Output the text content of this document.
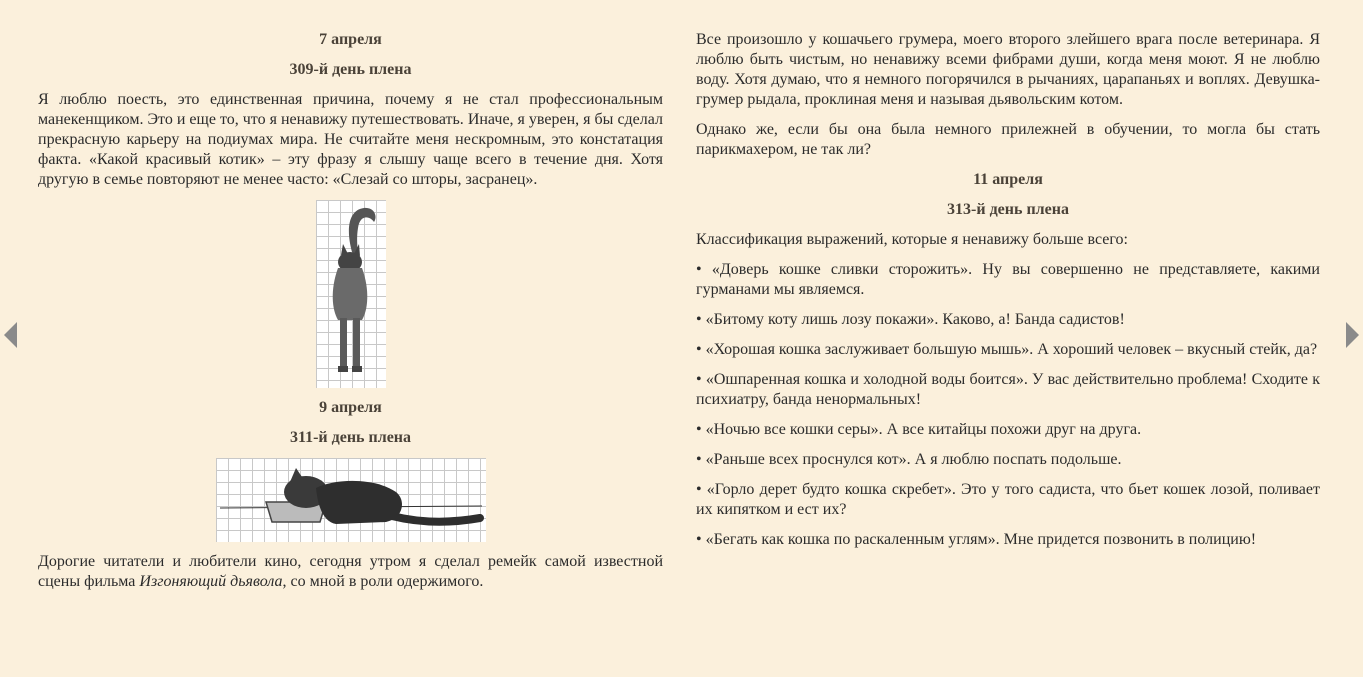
7 апреля
309-й день плена

Я люблю поесть, это единственная причина, почему я не стал профессиональным манекенщиком. Это и еще то, что я ненавижу путешествовать. Иначе, я уверен, я бы сделал прекрасную карьеру на подиумах мира. Не считайте меня нескромным, это констатация факта. «Какой красивый котик» – эту фразу я слышу чаще всего в течение дня. Хотя другую в семье повторяют не менее часто: «Слезай со шторы, засранец».

9 апреля
311-й день плена

Дорогие читатели и любители кино, сегодня утром я сделал ремейк самой известной сцены фильма Изгоняющий дьявола, со мной в роли одержимого.

Все произошло у кошачьего грумера, моего второго злейшего врага после ветеринара. Я люблю быть чистым, но ненавижу всеми фибрами души, когда меня моют. Я не люблю воду. Хотя думаю, что я немного погорячился в рычаниях, царапаньях и воплях. Девушка-грумер рыдала, проклиная меня и называя дьявольским котом.

Однако же, если бы она была немного прилежней в обучении, то могла бы стать парикмахером, не так ли?

11 апреля
313-й день плена

Классификация выражений, которые я ненавижу больше всего:

• «Доверь кошке сливки сторожить». Ну вы совершенно не представляете, какими гурманами мы являемся.

• «Битому коту лишь лозу покажи». Каково, а! Банда садистов!

• «Хорошая кошка заслуживает большую мышь». А хороший человек – вкусный стейк, да?

• «Ошпаренная кошка и холодной воды боится». У вас действительно проблема! Сходите к психиатру, банда ненормальных!

• «Ночью все кошки серы». А все китайцы похожи друг на друга.

• «Раньше всех проснулся кот». А я люблю поспать подольше.

• «Горло дерет будто кошка скребет». Это у того садиста, что бьет кошек лозой, поливает их кипятком и ест их?

• «Бегать как кошка по раскаленным углям». Мне придется позвонить в полицию!
